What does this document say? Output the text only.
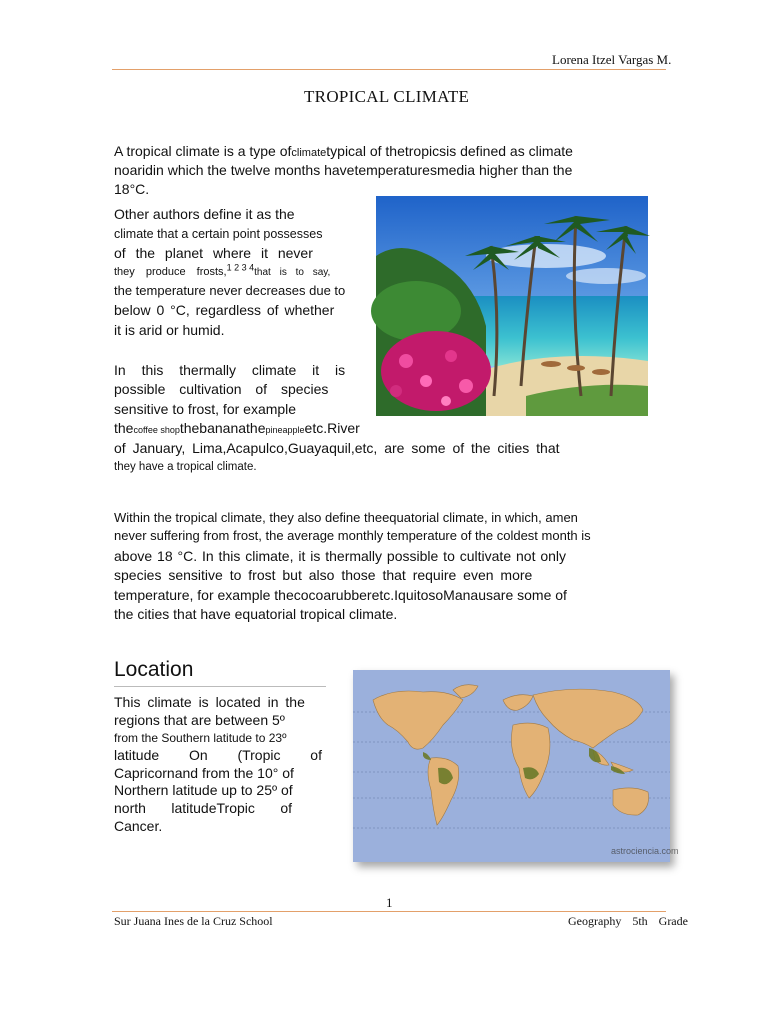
Lorena Itzel Vargas M.
TROPICAL CLIMATE
A tropical climate is a type ofclimatetypical of thetropicsis defined as climate
noaridin which the twelve months havetemperaturesmedia higher than the
18°C.
Other authors define it as the
climate that a certain point possesses
of the planet where it never
they produce frosts,$^{1 2 3 4}$that is to say,
the temperature never decreases due to
below 0 °C, regardless of whether
it is arid or humid.
In this thermally climate it is
possible cultivation of species
sensitive to frost, for example
thecoffee shopthebananathepineappleetc.River
of January, Lima,Acapulco,Guayaquil,etc, are some of the cities that
they have a tropical climate.
Within the tropical climate, they also define theequatorial climate, in which, amen
never suffering from frost, the average monthly temperature of the coldest month is
above 18 °C. In this climate, it is thermally possible to cultivate not only
species sensitive to frost but also those that require even more
temperature, for example thecocoarubberetc.IquitosoManausare some of
the cities that have equatorial tropical climate.
Location
This climate is located in the
regions that are between 5º
from the Southern latitude to 23º
latitude On (Tropic of
Capricornand from the 10° of
Northern latitude up to 25º of
north latitudeTropic of
Cancer.
astrociencia.com
1
Sur Juana Ines de la Cruz School	Geography 5th Grade
